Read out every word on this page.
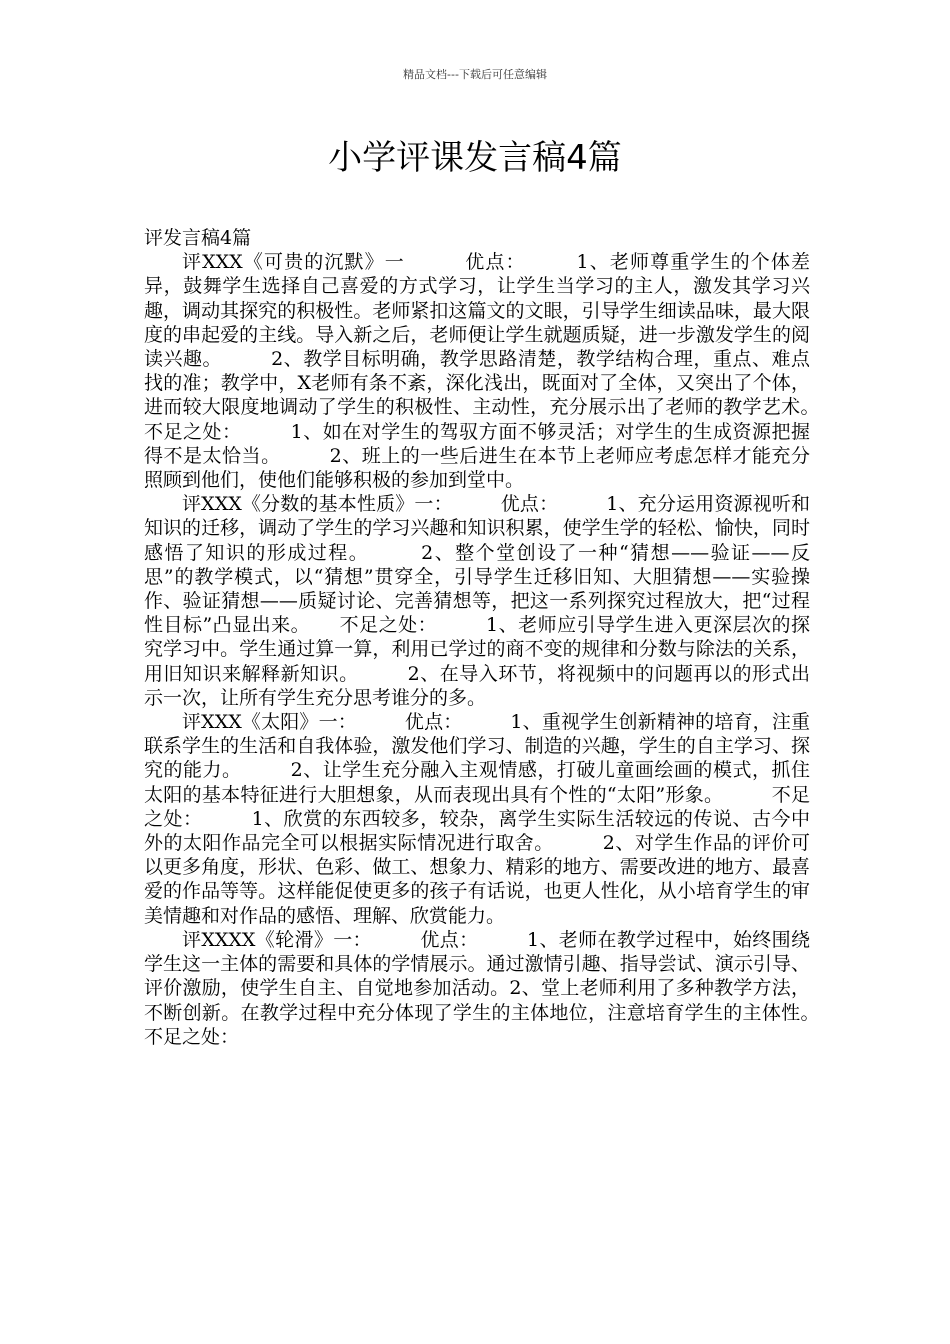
精品文档---下载后可任意编辑
小学评课发言稿4篇

评发言稿4篇

评XXX《可贵的沉默》一　　　优点：　　　1、老师尊重学生的个体差异，鼓舞学生选择自己喜爱的方式学习，让学生当学习的主人，激发其学习兴趣，调动其探究的积极性。老师紧扣这篇文的文眼，引导学生细读品味，最大限度的串起爱的主线。导入新之后，老师便让学生就题质疑，进一步激发学生的阅读兴趣。　　　2、教学目标明确，教学思路清楚，教学结构合理，重点、难点找的准；教学中，X老师有条不紊，深化浅出，既面对了全体，又突出了个体，进而较大限度地调动了学生的积极性、主动性，充分展示出了老师的教学艺术。　　不足之处：　　　1、如在对学生的驾驭方面不够灵活；对学生的生成资源把握得不是太恰当。　　　2、班上的一些后进生在本节上老师应考虑怎样才能充分照顾到他们，使他们能够积极的参加到堂中。

评XXX《分数的基本性质》一：　　　优点：　　　1、充分运用资源视听和知识的迁移，调动了学生的学习兴趣和知识积累，使学生学的轻松、愉快，同时感悟了知识的形成过程。　　　2、整个堂创设了一种“猜想——验证——反思”的教学模式，以“猜想”贯穿全，引导学生迁移旧知、大胆猜想——实验操作、验证猜想——质疑讨论、完善猜想等，把这一系列探究过程放大，把“过程性目标”凸显出来。　　不足之处：　　　1、老师应引导学生进入更深层次的探究学习中。学生通过算一算，利用已学过的商不变的规律和分数与除法的关系，用旧知识来解释新知识。　　　2、在导入环节，将视频中的问题再以的形式出示一次，让所有学生充分思考谁分的多。

评XXX《太阳》一：　　　优点：　　　1、重视学生创新精神的培育，注重联系学生的生活和自我体验，激发他们学习、制造的兴趣，学生的自主学习、探究的能力。　　　2、让学生充分融入主观情感，打破儿童画绘画的模式，抓住太阳的基本特征进行大胆想象，从而表现出具有个性的“太阳”形象。　　　不足之处：　　　1、欣赏的东西较多，较杂，离学生实际生活较远的传说、古今中外的太阳作品完全可以根据实际情况进行取舍。　　　2、对学生作品的评价可以更多角度，形状、色彩、做工、想象力、精彩的地方、需要改进的地方、最喜爱的作品等等。这样能促使更多的孩子有话说，也更人性化，从小培育学生的审美情趣和对作品的感悟、理解、欣赏能力。

评XXXX《轮滑》一：　　　优点：　　　1、老师在教学过程中，始终围绕学生这一主体的需要和具体的学情展示。通过激情引趣、指导尝试、演示引导、评价激励，使学生自主、自觉地参加活动。2、堂上老师利用了多种教学方法，不断创新。在教学过程中充分体现了学生的主体地位，注意培育学生的主体性。　　　不足之处：
